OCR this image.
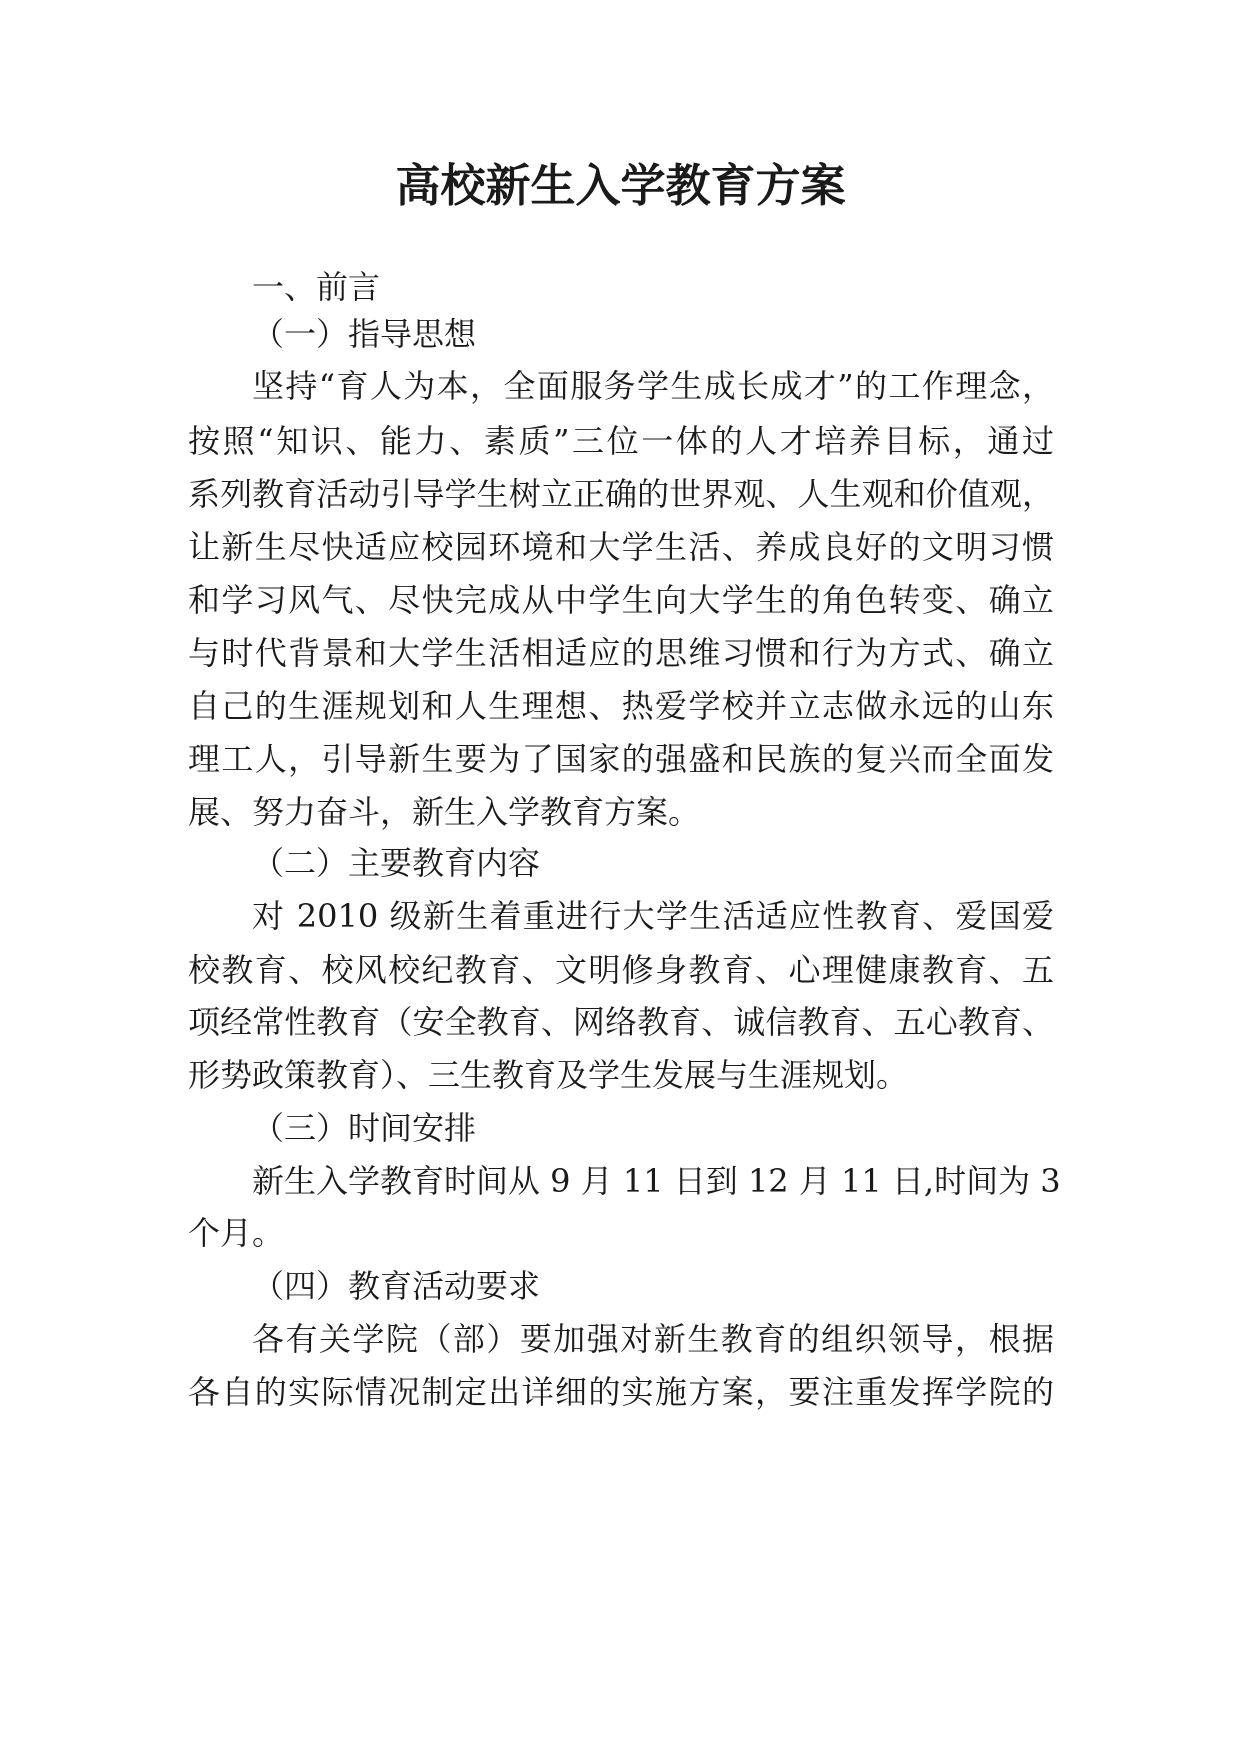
高校新生入学教育方案
一、前言
（一）指导思想
坚持“育人为本，全面服务学生成长成才”的工作理念，
按照“知识、能力、素质”三位一体的人才培养目标，通过
系列教育活动引导学生树立正确的世界观、人生观和价值观，
让新生尽快适应校园环境和大学生活、养成良好的文明习惯
和学习风气、尽快完成从中学生向大学生的角色转变、确立
与时代背景和大学生活相适应的思维习惯和行为方式、确立
自己的生涯规划和人生理想、热爱学校并立志做永远的山东
理工人，引导新生要为了国家的强盛和民族的复兴而全面发
展、努力奋斗，新生入学教育方案。
（二）主要教育内容
对 2010 级新生着重进行大学生活适应性教育、爱国爱
校教育、校风校纪教育、文明修身教育、心理健康教育、五
项经常性教育（安全教育、网络教育、诚信教育、五心教育、
形势政策教育）、三生教育及学生发展与生涯规划。
（三）时间安排
新生入学教育时间从 9 月 11 日到 12 月 11 日,时间为 3
个月。
（四）教育活动要求
各有关学院（部）要加强对新生教育的组织领导，根据
各自的实际情况制定出详细的实施方案，要注重发挥学院的
